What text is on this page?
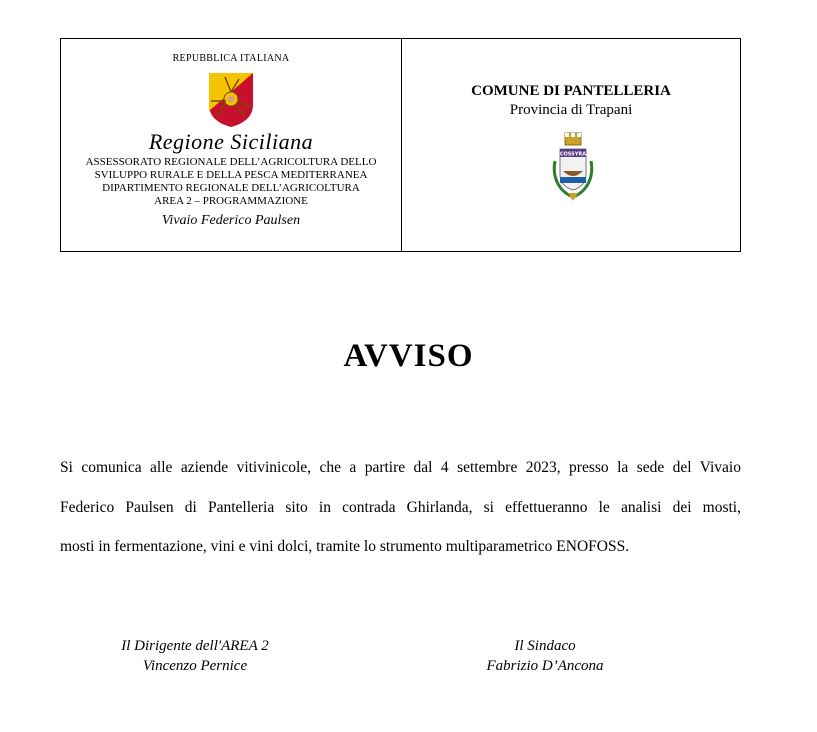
REPUBBLICA ITALIANA
Regione Siciliana
ASSESSORATO REGIONALE DELL’AGRICOLTURA DELLO
SVILUPPO RURALE E DELLA PESCA MEDITERRANEA
DIPARTIMENTO REGIONALE DELL’AGRICOLTURA
AREA 2 – PROGRAMMAZIONE
Vivaio Federico Paulsen
COMUNE DI PANTELLERIA
Provincia di Trapani
COSSYRA
AVVISO
Si comunica alle aziende vitivinicole, che a partire dal 4 settembre 2023, presso la sede del Vivaio
Federico Paulsen di Pantelleria sito in contrada Ghirlanda, si effettueranno le analisi dei mosti,
mosti in fermentazione, vini e vini dolci, tramite lo strumento multiparametrico ENOFOSS.
Il Dirigente dell'AREA 2
Vincenzo Pernice
Il Sindaco
Fabrizio D’Ancona
